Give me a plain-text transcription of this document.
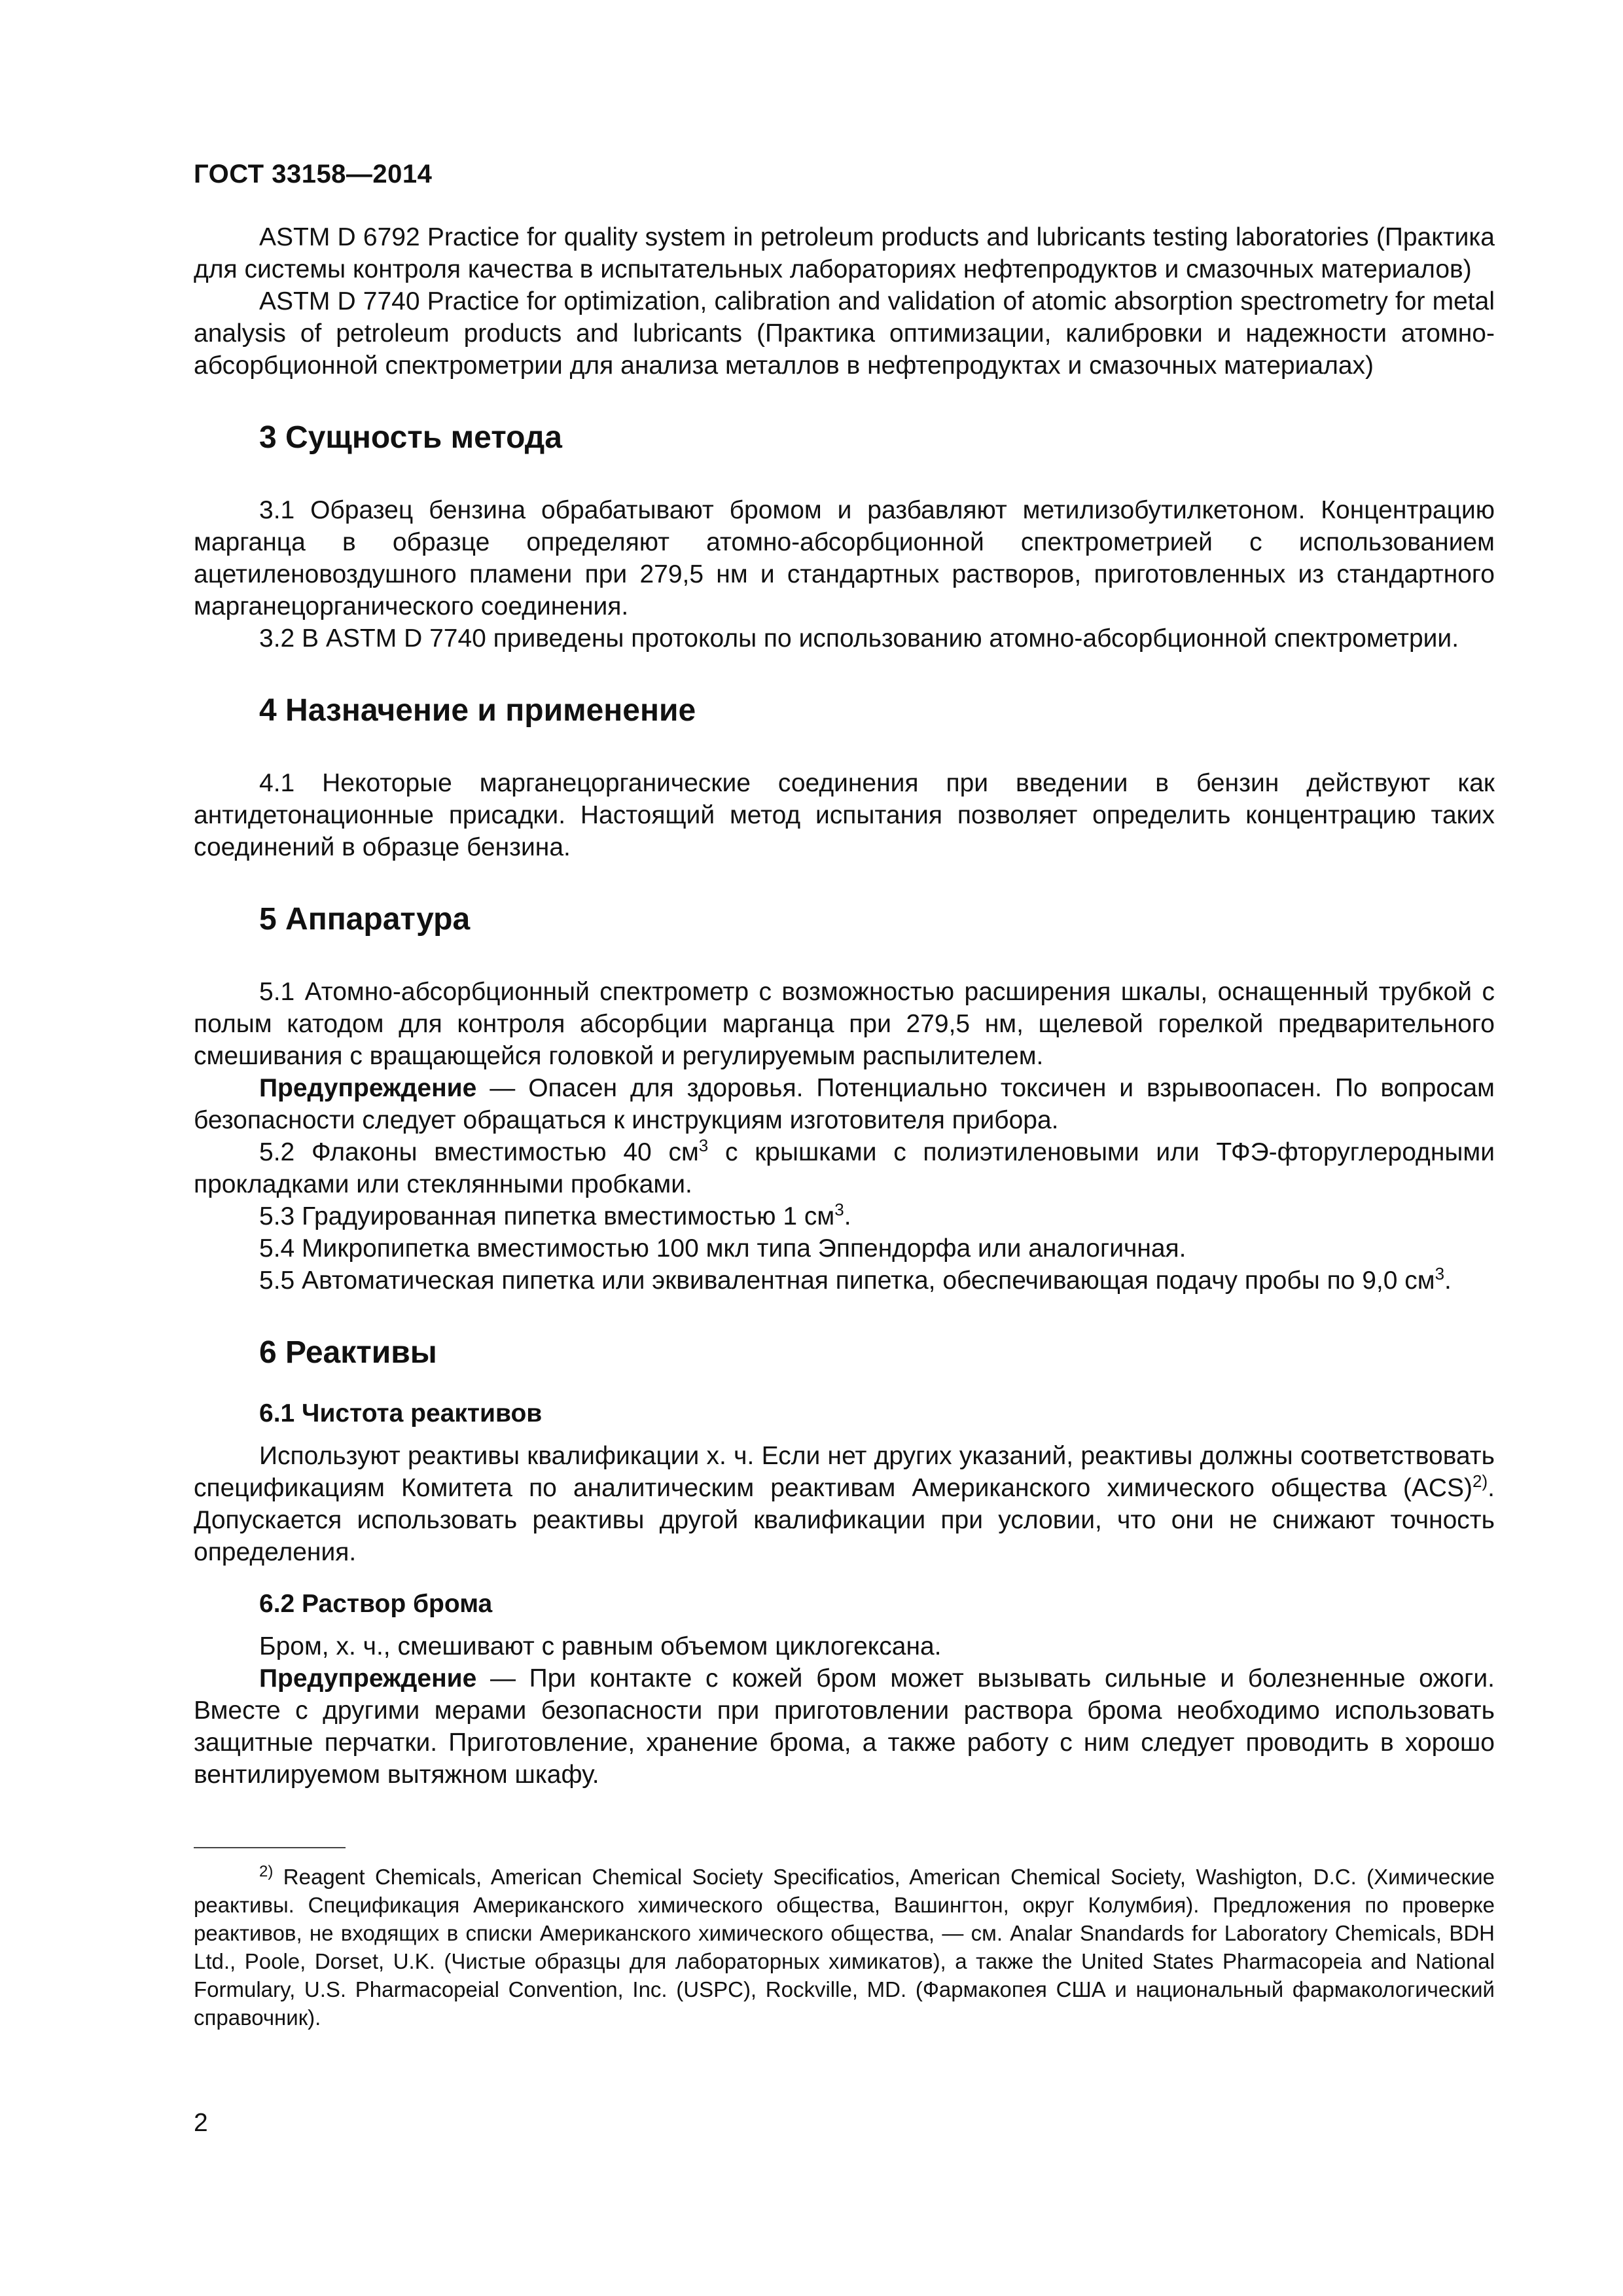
ГОСТ 33158—2014

ASTM D 6792 Practice for quality system in petroleum products and lubricants testing laboratories (Практика для системы контроля качества в испытательных лабораториях нефтепродуктов и смазочных материалов)

ASTM D 7740 Practice for optimization, calibration and validation of atomic absorption spectrometry for metal analysis of petroleum products and lubricants (Практика оптимизации, калибровки и надежности атомно-абсорбционной спектрометрии для анализа металлов в нефтепродуктах и смазочных материалах)

3 Сущность метода

3.1 Образец бензина обрабатывают бромом и разбавляют метилизобутилкетоном. Концентрацию марганца в образце определяют атомно-абсорбционной спектрометрией с использованием ацетиленовоздушного пламени при 279,5 нм и стандартных растворов, приготовленных из стандартного марганецорганического соединения.

3.2 В ASTM D 7740 приведены протоколы по использованию атомно-абсорбционной спектрометрии.

4 Назначение и применение

4.1 Некоторые марганецорганические соединения при введении в бензин действуют как антидетонационные присадки. Настоящий метод испытания позволяет определить концентрацию таких соединений в образце бензина.

5 Аппаратура

5.1 Атомно-абсорбционный спектрометр с возможностью расширения шкалы, оснащенный трубкой с полым катодом для контроля абсорбции марганца при 279,5 нм, щелевой горелкой предварительного смешивания с вращающейся головкой и регулируемым распылителем.

Предупреждение — Опасен для здоровья. Потенциально токсичен и взрывоопасен. По вопросам безопасности следует обращаться к инструкциям изготовителя прибора.

5.2 Флаконы вместимостью 40 $см^3$ с крышками с полиэтиленовыми или ТФЭ-фторуглеродными прокладками или стеклянными пробками.

5.3 Градуированная пипетка вместимостью 1 $см^3$.

5.4 Микропипетка вместимостью 100 мкл типа Эппендорфа или аналогичная.

5.5 Автоматическая пипетка или эквивалентная пипетка, обеспечивающая подачу пробы по 9,0 $см^3$.

6 Реактивы
6.1 Чистота реактивов

Используют реактивы квалификации х. ч. Если нет других указаний, реактивы должны соответствовать спецификациям Комитета по аналитическим реактивам Американского химического общества (ACS)$^{2)}$. Допускается использовать реактивы другой квалификации при условии, что они не снижают точность определения.

6.2 Раствор брома

Бром, х. ч., смешивают с равным объемом циклогексана.

Предупреждение — При контакте с кожей бром может вызывать сильные и болезненные ожоги. Вместе с другими мерами безопасности при приготовлении раствора брома необходимо использовать защитные перчатки. Приготовление, хранение брома, а также работу с ним следует проводить в хорошо вентилируемом вытяжном шкафу.

$^{2)}$ Reagent Chemicals, American Chemical Society Specificatios, American Chemical Society, Washigton, D.C. (Химические реактивы. Спецификация Американского химического общества, Вашингтон, округ Колумбия). Предложения по проверке реактивов, не входящих в списки Американского химического общества, — см. Analar Snandards for Laboratory Chemicals, BDH Ltd., Poole, Dorset, U.K. (Чистые образцы для лабораторных химикатов), а также the United States Pharmacopeia and National Formulary, U.S. Pharmacopeial Convention, Inc. (USPC), Rockville, MD. (Фармакопея США и национальный фармакологический справочник).

2
